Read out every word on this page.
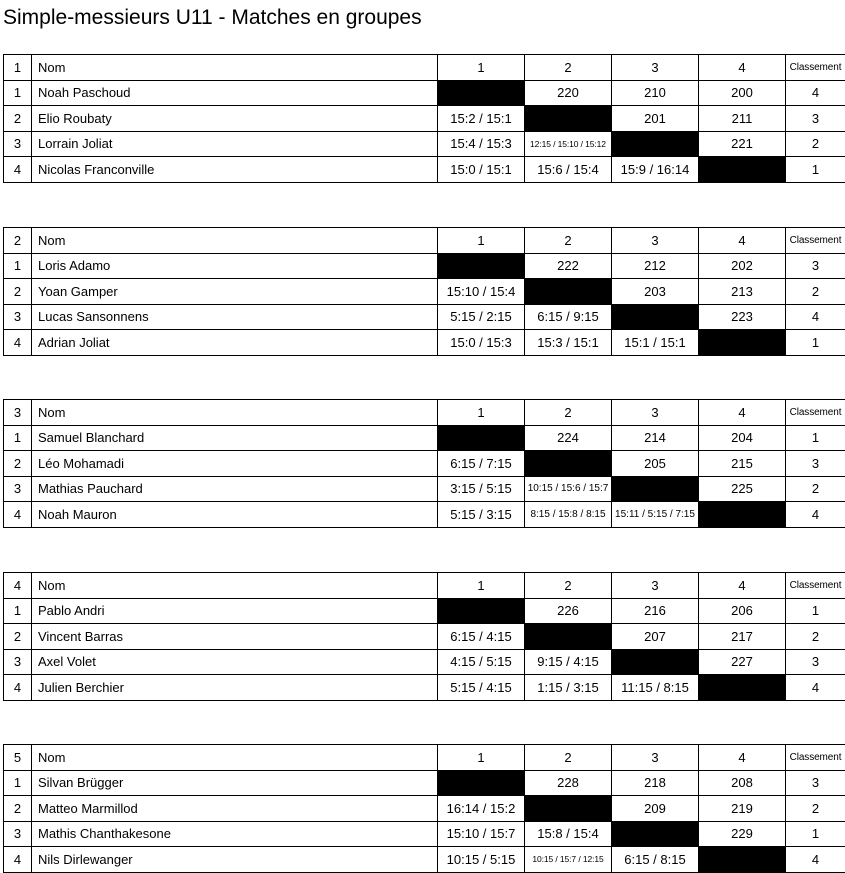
Simple-messieurs U11 - Matches en groupes
1	Nom	1	2	3	4	Classement
1	Noah Paschoud		220	210	200	4
2	Elio Roubaty	15:2 / 15:1		201	211	3
3	Lorrain Joliat	15:4 / 15:3	12:15 / 15:10 / 15:12		221	2
4	Nicolas Franconville	15:0 / 15:1	15:6 / 15:4	15:9 / 16:14		1
2	Nom	1	2	3	4	Classement
1	Loris Adamo		222	212	202	3
2	Yoan Gamper	15:10 / 15:4		203	213	2
3	Lucas Sansonnens	5:15 / 2:15	6:15 / 9:15		223	4
4	Adrian Joliat	15:0 / 15:3	15:3 / 15:1	15:1 / 15:1		1
3	Nom	1	2	3	4	Classement
1	Samuel Blanchard		224	214	204	1
2	Léo Mohamadi	6:15 / 7:15		205	215	3
3	Mathias Pauchard	3:15 / 5:15	10:15 / 15:6 / 15:7		225	2
4	Noah Mauron	5:15 / 3:15	8:15 / 15:8 / 8:15	15:11 / 5:15 / 7:15		4
4	Nom	1	2	3	4	Classement
1	Pablo Andri		226	216	206	1
2	Vincent Barras	6:15 / 4:15		207	217	2
3	Axel Volet	4:15 / 5:15	9:15 / 4:15		227	3
4	Julien Berchier	5:15 / 4:15	1:15 / 3:15	11:15 / 8:15		4
5	Nom	1	2	3	4	Classement
1	Silvan Brügger		228	218	208	3
2	Matteo Marmillod	16:14 / 15:2		209	219	2
3	Mathis Chanthakesone	15:10 / 15:7	15:8 / 15:4		229	1
4	Nils Dirlewanger	10:15 / 5:15	10:15 / 15:7 / 12:15	6:15 / 8:15		4
